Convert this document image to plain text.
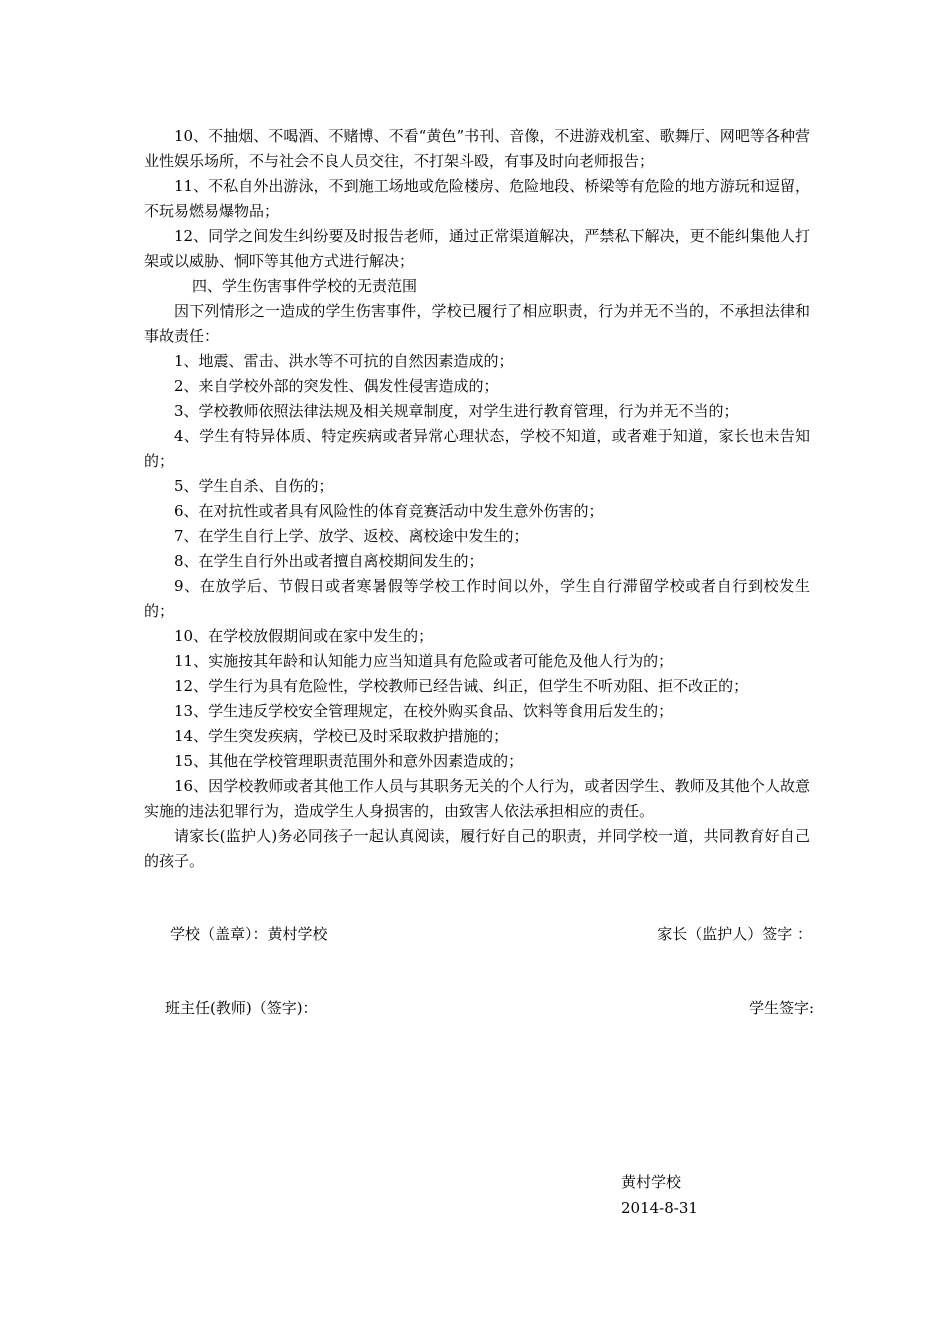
10、不抽烟、不喝酒、不赌博、不看“黄色”书刊、音像，不进游戏机室、歌舞厅、网吧等各种营业性娱乐场所，不与社会不良人员交往，不打架斗殴，有事及时向老师报告；

11、不私自外出游泳，不到施工场地或危险楼房、危险地段、桥梁等有危险的地方游玩和逗留，不玩易燃易爆物品；

12、同学之间发生纠纷要及时报告老师，通过正常渠道解决，严禁私下解决，更不能纠集他人打架或以威胁、恫吓等其他方式进行解决；

四、学生伤害事件学校的无责范围

因下列情形之一造成的学生伤害事件，学校已履行了相应职责，行为并无不当的，不承担法律和事故责任：

1、地震、雷击、洪水等不可抗的自然因素造成的；

2、来自学校外部的突发性、偶发性侵害造成的；

3、学校教师依照法律法规及相关规章制度，对学生进行教育管理，行为并无不当的；

4、学生有特异体质、特定疾病或者异常心理状态，学校不知道，或者难于知道，家长也未告知的；

5、学生自杀、自伤的；

6、在对抗性或者具有风险性的体育竞赛活动中发生意外伤害的；

7、在学生自行上学、放学、返校、离校途中发生的；

8、在学生自行外出或者擅自离校期间发生的；

9、在放学后、节假日或者寒暑假等学校工作时间以外，学生自行滞留学校或者自行到校发生的；

10、在学校放假期间或在家中发生的；

11、实施按其年龄和认知能力应当知道具有危险或者可能危及他人行为的；

12、学生行为具有危险性，学校教师已经告诫、纠正，但学生不听劝阻、拒不改正的；

13、学生违反学校安全管理规定，在校外购买食品、饮料等食用后发生的；

14、学生突发疾病，学校已及时采取救护措施的；

15、其他在学校管理职责范围外和意外因素造成的；

16、因学校教师或者其他工作人员与其职务无关的个人行为，或者因学生、教师及其他个人故意实施的违法犯罪行为，造成学生人身损害的，由致害人依法承担相应的责任。

请家长(监护人)务必同孩子一起认真阅读，履行好自己的职责，并同学校一道，共同教育好自己的孩子。

学校（盖章）：黄村学校	家长（监护人）签字 ：
班主任(教师)（签字)：	学生签字:
黄村学校
2014-8-31
